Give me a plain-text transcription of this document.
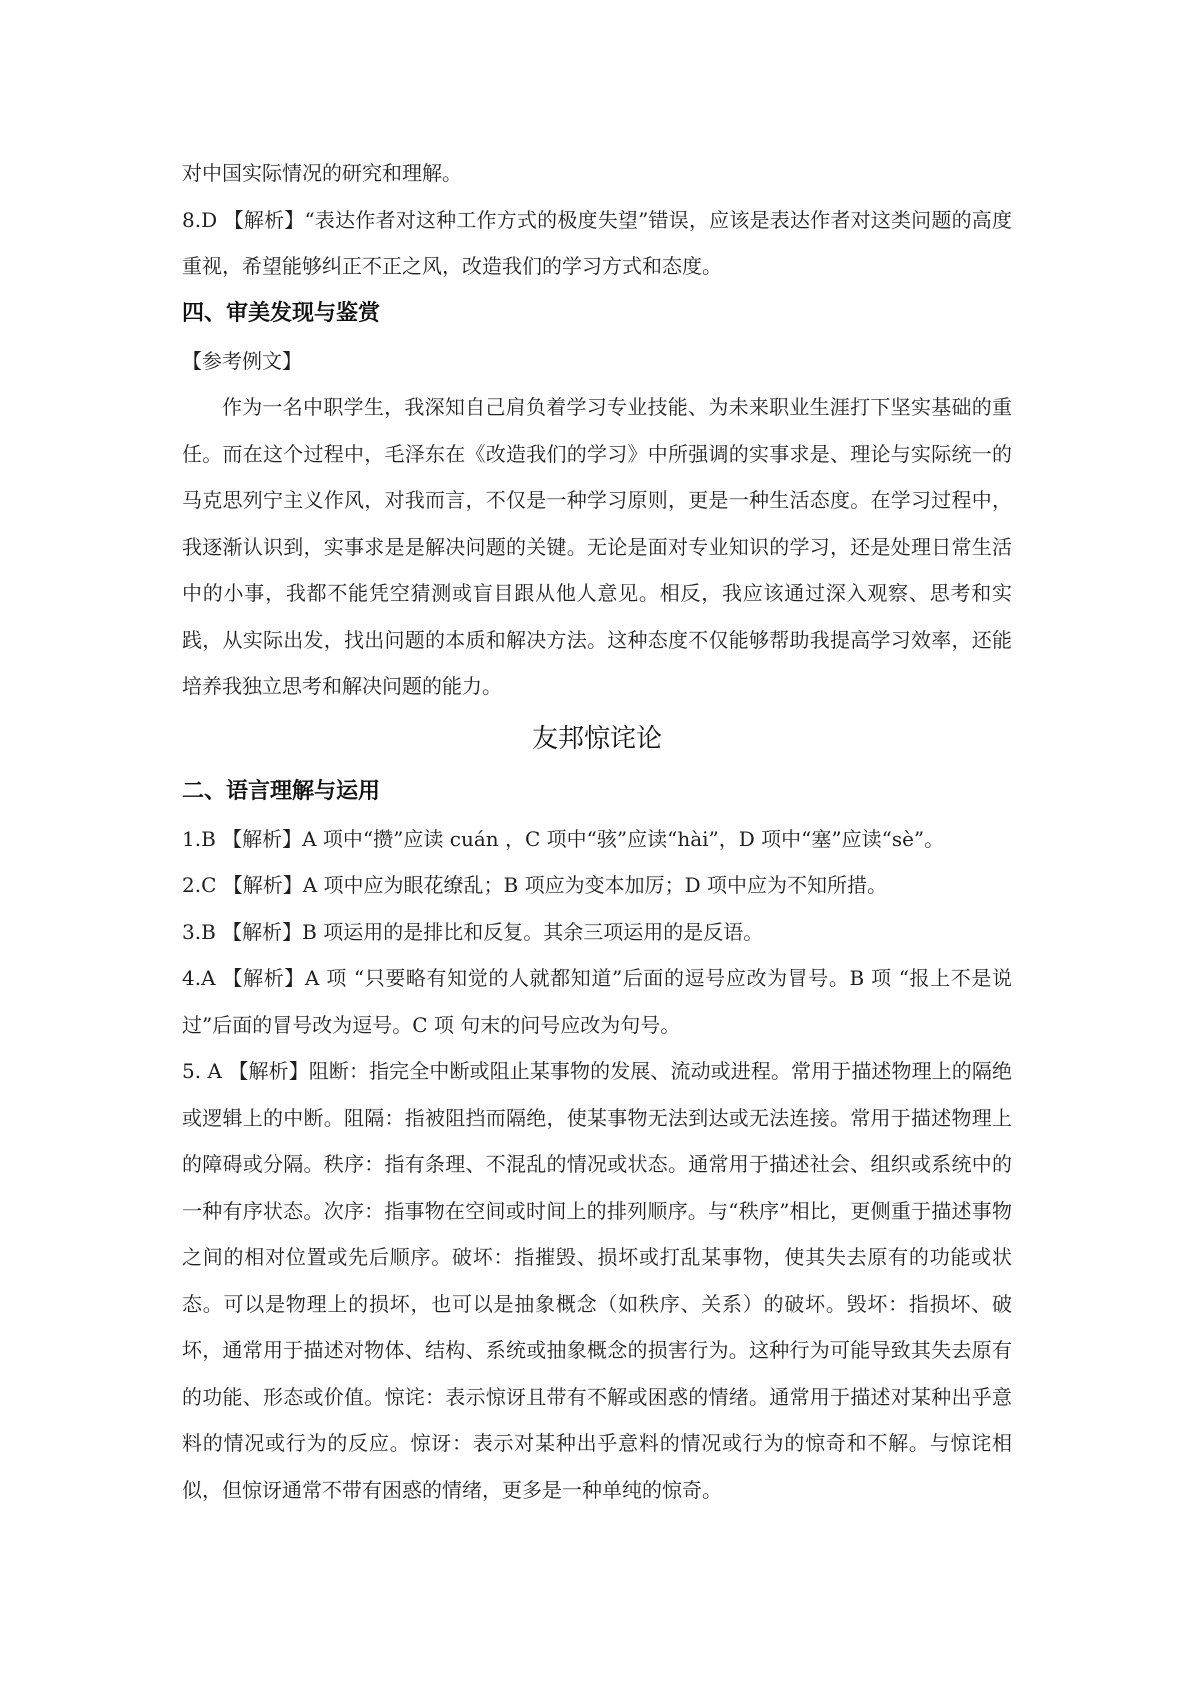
对中国实际情况的研究和理解。

8.D 【解析】“表达作者对这种工作方式的极度失望”错误，应该是表达作者对这类问题的高度重视，希望能够纠正不正之风，改造我们的学习方式和态度。

四、审美发现与鉴赏

【参考例文】

作为一名中职学生，我深知自己肩负着学习专业技能、为未来职业生涯打下坚实基础的重任。而在这个过程中，毛泽东在《改造我们的学习》中所强调的实事求是、理论与实际统一的马克思列宁主义作风，对我而言，不仅是一种学习原则，更是一种生活态度。在学习过程中，我逐渐认识到，实事求是是解决问题的关键。无论是面对专业知识的学习，还是处理日常生活中的小事，我都不能凭空猜测或盲目跟从他人意见。相反，我应该通过深入观察、思考和实践，从实际出发，找出问题的本质和解决方法。这种态度不仅能够帮助我提高学习效率，还能培养我独立思考和解决问题的能力。

友邦惊诧论
二、语言理解与运用

1.B 【解析】A 项中“攒”应读 cuán ，C 项中“骇”应读“hài”，D 项中“塞”应读“sè”。

2.C 【解析】A 项中应为眼花缭乱；B 项应为变本加厉；D 项中应为不知所措。

3.B 【解析】B 项运用的是排比和反复。其余三项运用的是反语。

4.A 【解析】A 项 “只要略有知觉的人就都知道”后面的逗号应改为冒号。B 项 “报上不是说过”后面的冒号改为逗号。C 项 句末的问号应改为句号。

5. A 【解析】阻断：指完全中断或阻止某事物的发展、流动或进程。常用于描述物理上的隔绝或逻辑上的中断。阻隔：指被阻挡而隔绝，使某事物无法到达或无法连接。常用于描述物理上的障碍或分隔。秩序：指有条理、不混乱的情况或状态。通常用于描述社会、组织或系统中的一种有序状态。次序：指事物在空间或时间上的排列顺序。与“秩序”相比，更侧重于描述事物之间的相对位置或先后顺序。破坏：指摧毁、损坏或打乱某事物，使其失去原有的功能或状态。可以是物理上的损坏，也可以是抽象概念（如秩序、关系）的破坏。毁坏：指损坏、破坏，通常用于描述对物体、结构、系统或抽象概念的损害行为。这种行为可能导致其失去原有的功能、形态或价值。惊诧：表示惊讶且带有不解或困惑的情绪。通常用于描述对某种出乎意料的情况或行为的反应。惊讶：表示对某种出乎意料的情况或行为的惊奇和不解。与惊诧相似，但惊讶通常不带有困惑的情绪，更多是一种单纯的惊奇。
